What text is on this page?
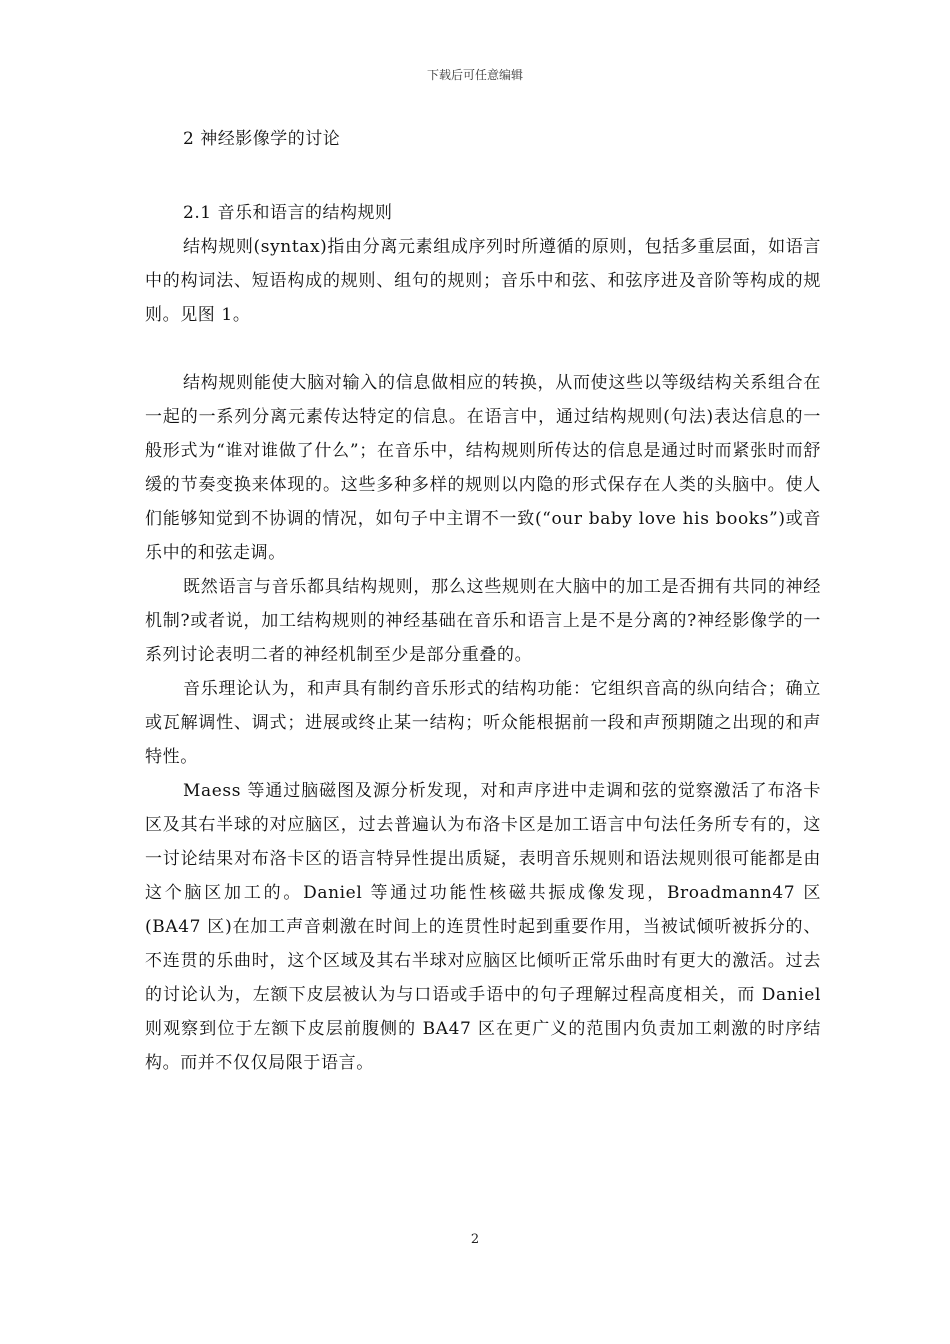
下载后可任意编辑
2 神经影像学的讨论
2.1 音乐和语言的结构规则

结构规则(syntax)指由分离元素组成序列时所遵循的原则，包括多重层面，如语言中的构词法、短语构成的规则、组句的规则；音乐中和弦、和弦序进及音阶等构成的规则。见图 1。

结构规则能使大脑对输入的信息做相应的转换，从而使这些以等级结构关系组合在一起的一系列分离元素传达特定的信息。在语言中，通过结构规则(句法)表达信息的一般形式为“谁对谁做了什么”；在音乐中，结构规则所传达的信息是通过时而紧张时而舒缓的节奏变换来体现的。这些多种多样的规则以内隐的形式保存在人类的头脑中。使人们能够知觉到不协调的情况，如句子中主谓不一致(“our baby love his books”)或音乐中的和弦走调。

既然语言与音乐都具结构规则，那么这些规则在大脑中的加工是否拥有共同的神经机制?或者说，加工结构规则的神经基础在音乐和语言上是不是分离的?神经影像学的一系列讨论表明二者的神经机制至少是部分重叠的。

音乐理论认为，和声具有制约音乐形式的结构功能：它组织音高的纵向结合；确立或瓦解调性、调式；进展或终止某一结构；听众能根据前一段和声预期随之出现的和声特性。

Maess 等通过脑磁图及源分析发现，对和声序进中走调和弦的觉察激活了布洛卡区及其右半球的对应脑区，过去普遍认为布洛卡区是加工语言中句法任务所专有的，这一讨论结果对布洛卡区的语言特异性提出质疑，表明音乐规则和语法规则很可能都是由这个脑区加工的。Daniel 等通过功能性核磁共振成像发现，Broadmann47 区(BA47 区)在加工声音刺激在时间上的连贯性时起到重要作用，当被试倾听被拆分的、不连贯的乐曲时，这个区域及其右半球对应脑区比倾听正常乐曲时有更大的激活。过去的讨论认为，左额下皮层被认为与口语或手语中的句子理解过程高度相关，而 Daniel 则观察到位于左额下皮层前腹侧的 BA47 区在更广义的范围内负责加工刺激的时序结构。而并不仅仅局限于语言。

2
